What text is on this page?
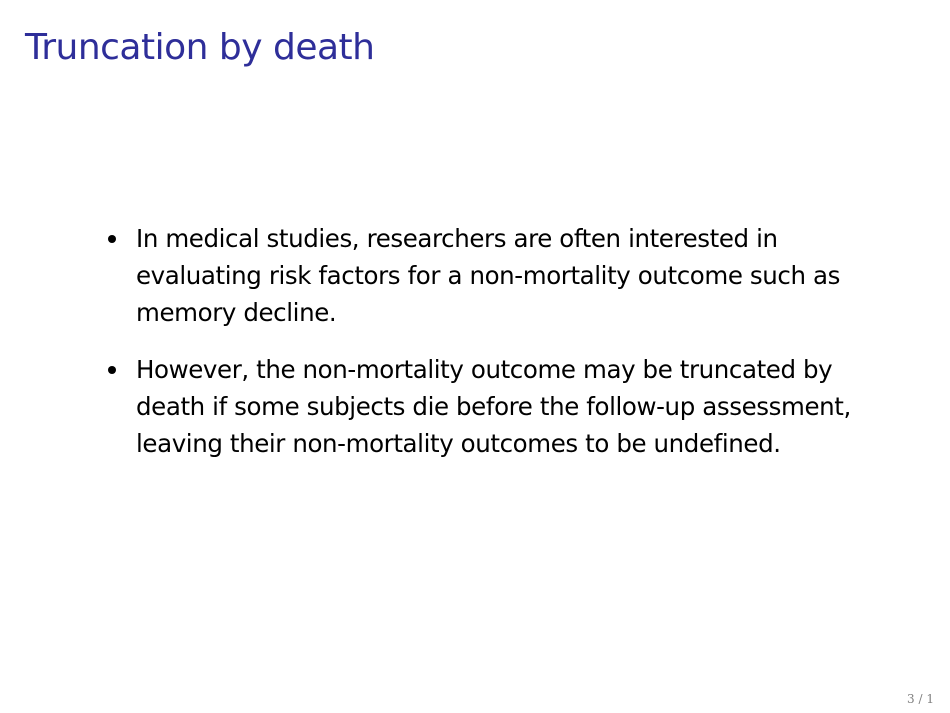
Truncation by death
In medical studies, researchers are often interested in evaluating risk factors for a non-mortality outcome such as memory decline.
However, the non-mortality outcome may be truncated by death if some subjects die before the follow-up assessment, leaving their non-mortality outcomes to be undefined.
3 / 1
